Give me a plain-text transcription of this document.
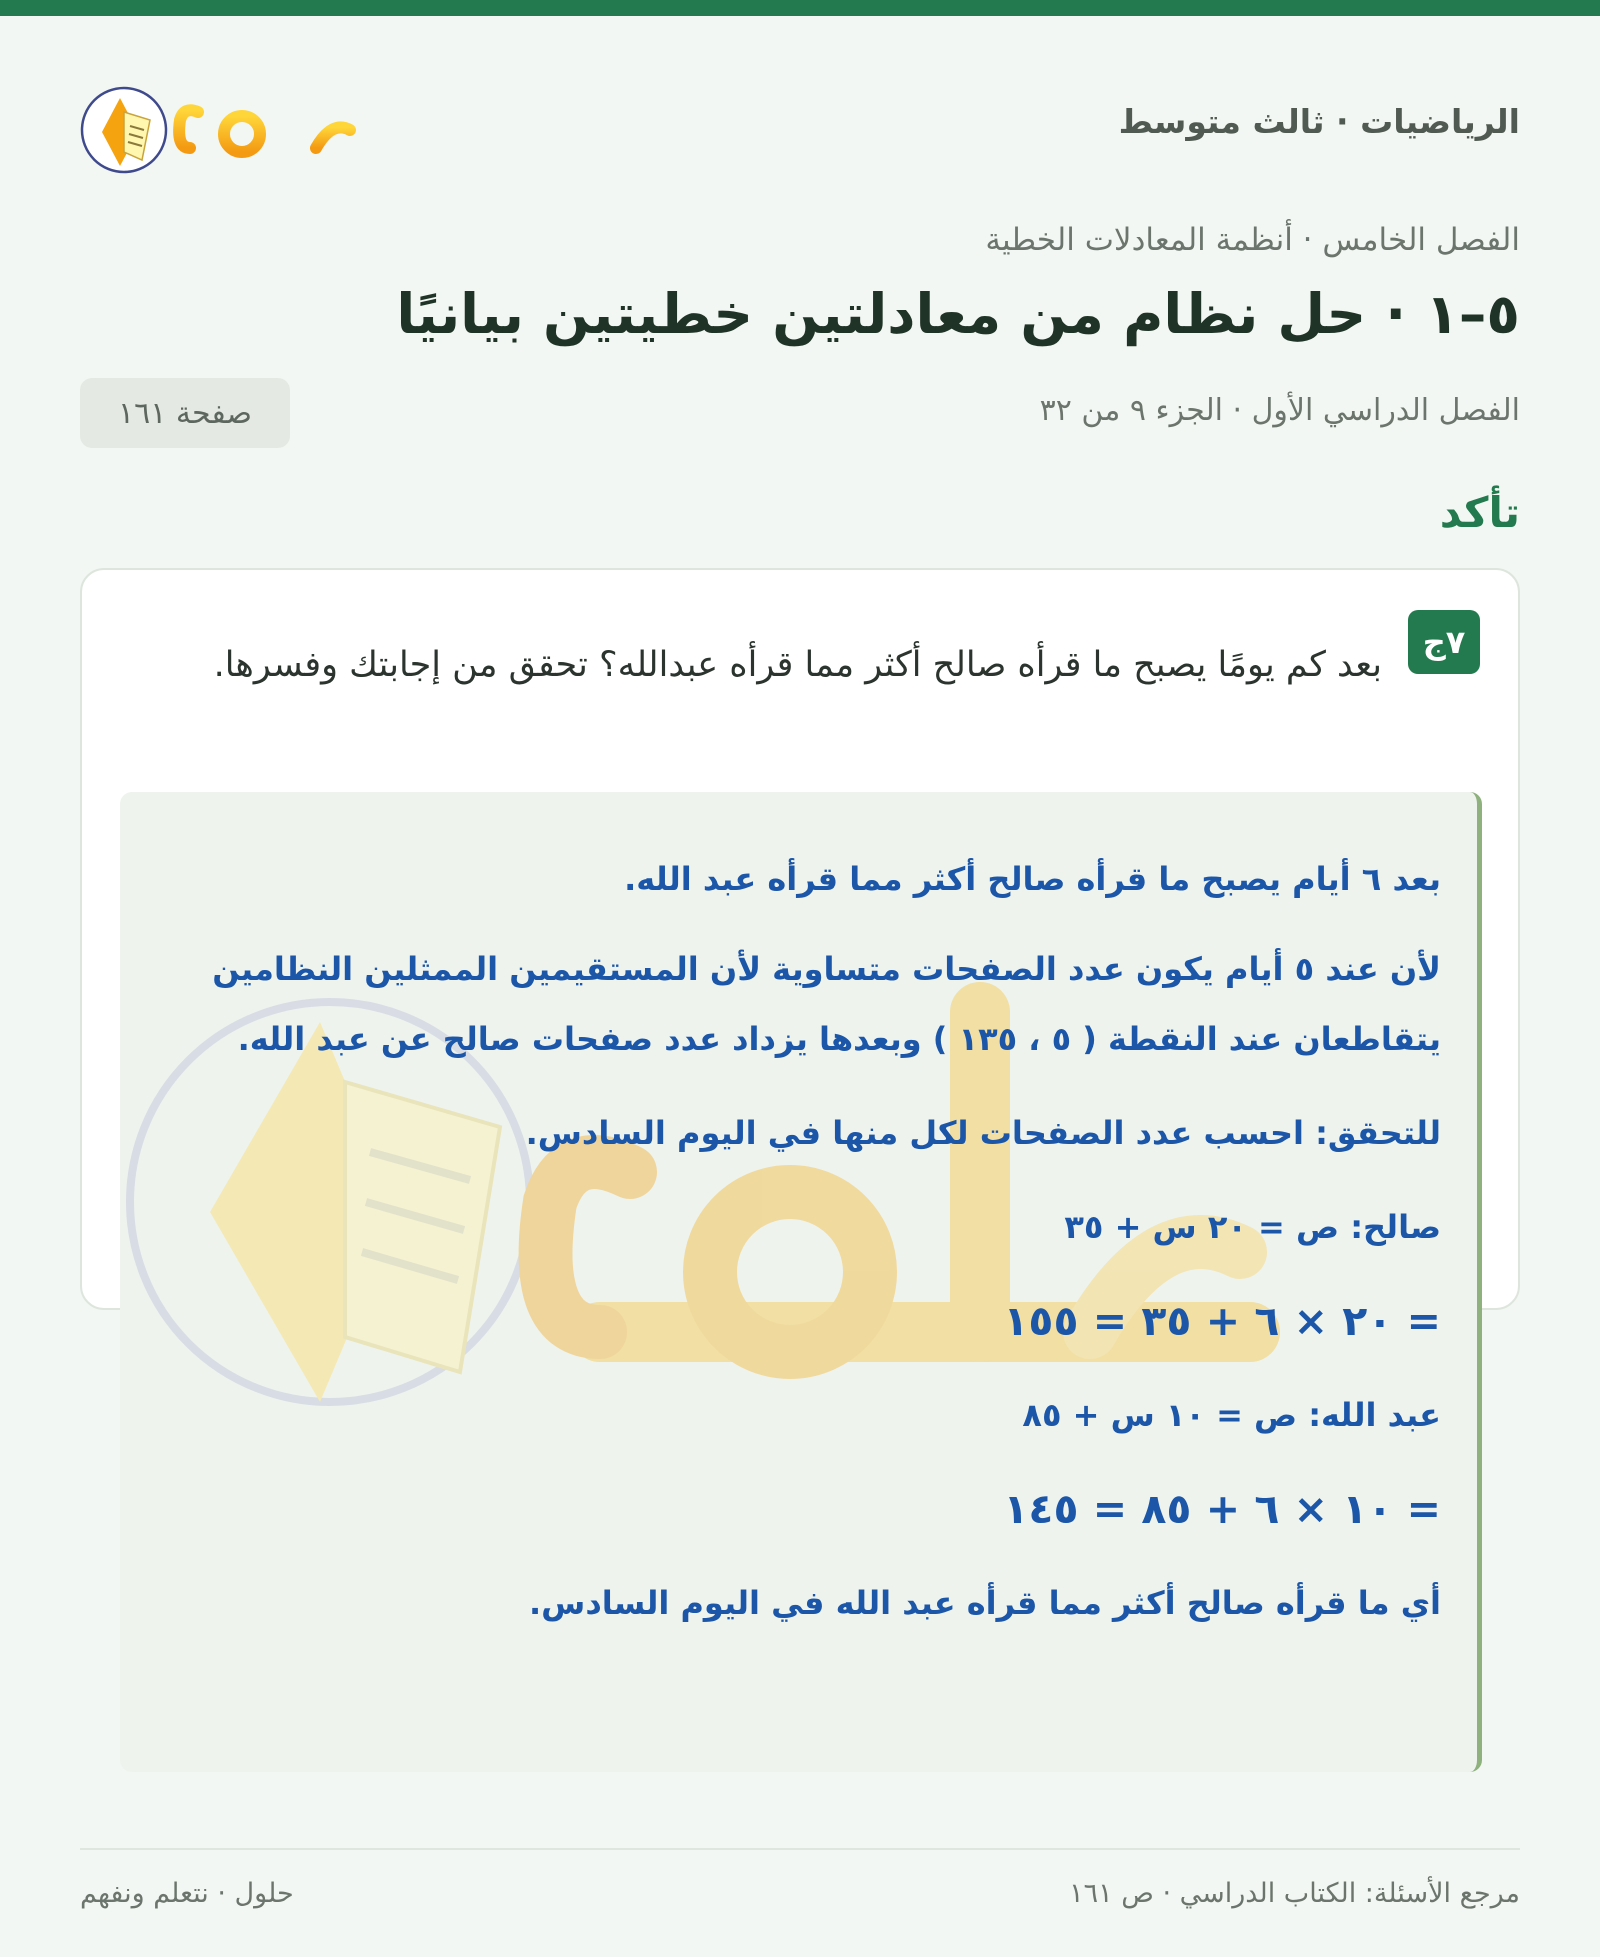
الرياضيات · ثالث متوسط
الفصل الخامس · أنظمة المعادلات الخطية
٥–١ · حل نظام من معادلتين خطيتين بيانيًا
الفصل الدراسي الأول · الجزء ٩ من ٣٢
صفحة ١٦١
تأكد
٧ج
بعد كم يومًا يصبح ما قرأه صالح أكثر مما قرأه عبدالله؟ تحقق من إجابتك وفسرها.
بعد ٦ أيام يصبح ما قرأه صالح أكثر مما قرأه عبد الله.
لأن عند ٥ أيام يكون عدد الصفحات متساوية لأن المستقيمين الممثلين النظامين يتقاطعان عند النقطة ( ٥ ، ١٣٥ ) وبعدها يزداد عدد صفحات صالح عن عبد الله.
للتحقق: احسب عدد الصفحات لكل منها في اليوم السادس.
صالح: ص = ٢٠ س + ٣٥
= ٢٠ × ٦ + ٣٥ = ١٥٥
عبد الله: ص = ١٠ س + ٨٥
= ١٠ × ٦ + ٨٥ = ١٤٥
أي ما قرأه صالح أكثر مما قرأه عبد الله في اليوم السادس.
مرجع الأسئلة: الكتاب الدراسي · ص ١٦١
حلول · نتعلم ونفهم
